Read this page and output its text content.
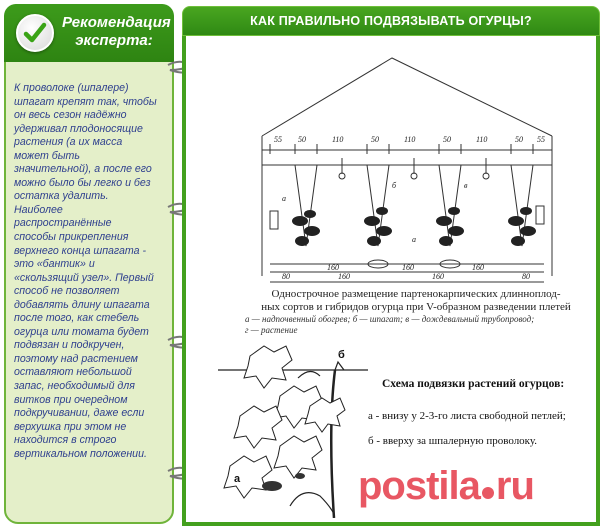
Рекомендация эксперта:
К проволоке (шпалере)
шпагат крепят так, чтобы
он весь сезон надёжно
удерживал плодоносящие
растения (а их масса
может быть
значительной), а после его
можно было бы легко и без
остатка удалить.
Наиболее
распространённые
способы прикрепления
верхнего конца шпагата -
это «бантик» и
«скользящий узел». Первый
способ не позволяет
добавлять длину шпагата
после того, как стебель
огурца или томата будет
подвязан и подкручен,
поэтому над растением
оставляют небольшой
запас, необходимый для
витков при очередном
подкручивании, даже если
верхушка при этом не
находится в строго
вертикальном положении.
КАК ПРАВИЛЬНО ПОДВЯЗЫВАТЬ ОГУРЦЫ?
55 50	110	50	110	50	110	50 55
160	160	160
80	160	160	80
а
б	в
а
Однострочное размещение партенокарпических длинноплод-
ных сортов и гибридов огурца при V-образном разведении плетей
а — надпочвенный обогрев; б — шпагат; в — дождевальный трубопровод;
г — растение
б
а
Схема подвязки растений огурцов:
а - внизу у 2-3-го листа свободной петлей;
б - вверху за шпалерную проволоку.
postila ru
